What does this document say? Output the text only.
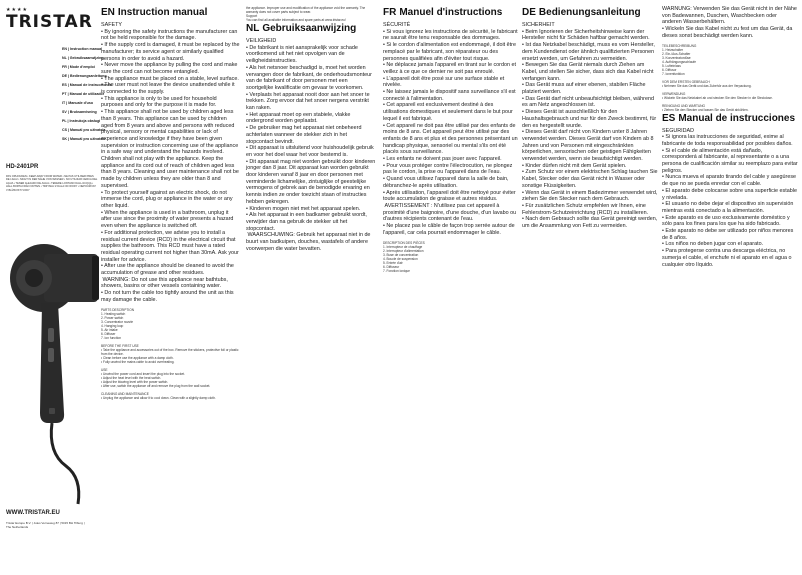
★★★★
TRISTAR
EN | Instruction manual
NL | Gebruiksaanwijzing
FR | Mode d'emploi
DE | Bedienungsanleitung
ES | Manual de instrucciones
PT | Manual de utilizador
IT | Manuale d'uso
SV | Bruksanvisning
PL | Instrukcja obsługi
CS | Manuál pro uživatele
SK | Manuál pro uživatele
HD-2401PR
PAS OPHOUDEN • KEEP AWAY FROM WATER • NE PAS UTILISER PRES DE L'EAU • NICHT IN DER NÄHE VON WASSER • NO UTILIZAR CERCA DEL AGUA • TENER ALEJADO DE AGUA • TENERE LONTANO DALL'ACQUA • HÅLL BORTA FRÅN VATTEN • TRZYMAJ Z DALA OD WODY • NEPOUŽÍVAT V BLÍZKOSTI VODY
WWW.TRISTAR.EU
Tristar Europe B.V. | Jules Verneweg 87 | 5015 BH Tilburg | The Netherlands
EN Instruction manual
SAFETY
• By ignoring the safety instructions the manufacturer can not be held responsible for the damage.
• If the supply cord is damaged, it must be replaced by the manufacturer; its service agent or similarly qualified persons in order to avoid a hazard.
• Never move the appliance by pulling the cord and make sure the cord can not become entangled.
• The appliance must be placed on a stable, level surface.
• The user must not leave the device unattended while it is connected to the supply.
• This appliance is only to be used for household purposes and only for the purpose it is made for.
• This appliance shall not be used by children aged less than 8 years. This appliance can be used by children aged from 8 years and above and persons with reduced physical, sensory or mental capabilities or lack of experience and knowledge if they have been given supervision or instruction concerning use of the appliance in a safe way and understand the hazards involved. Children shall not play with the appliance. Keep the appliance and its cord out of reach of children aged less than 8 years. Cleaning and user maintenance shall not be made by children unless they are older than 8 and supervised.
• To protect yourself against an electric shock, do not immerse the cord, plug or appliance in the water or any other liquid.
• When the appliance is used in a bathroom, unplug it after use since the proximity of water presents a hazard even when the appliance is switched off.
• For additional protection, we advise you to install a residual current device (RCD) in the electrical circuit that supplies the bathroom. This RCD must have a rated residual operating current not higher than 30mA. Ask your installer for advice.
• After use the appliance should be cleaned to avoid the accumulation of grease and other residues.
WARNING: Do not use this appliance near bathtubs, showers, basins or other vessels containing water.
• Do not turn the cable too tightly around the unit as this may damage the cable.
PARTS DESCRIPTION
1. Heating switch
2. Power switch
3. Concentrator nozzle
4. Hanging loop
5. Air intake
6. Diffuser
7. Ion function

BEFORE THE FIRST USE
• Take the appliance and accessories out of the box. Remove the stickers, protective foil or plastic from the device.
• Clean before use the appliance with a damp cloth.
• Fully unwind the mains cable to avoid overheating.

USE
• Unwind the power cord and insert the plug into the socket.
• Adjust the heat level with the heat switch.
• Adjust the blowing level with the power switch.
• After use, switch the appliance off and remove the plug from the wall socket.

CLEANING AND MAINTENANCE
• Unplug the appliance and allow it to cool down. Clean with a slightly damp cloth.
the appliance. Improper use and modification of the appliance void the warranty. The warranty does not cover parts subject to wear.
Support
You can find all available information and spare parts at www.tristar.eu!
NL Gebruiksaanwijzing
VEILIGHEID
• De fabrikant is niet aansprakelijk voor schade voortkomend uit het niet opvolgen van de veiligheidsinstructies.
• Als het netsnoer beschadigd is, moet het worden vervangen door de fabrikant, de onderhoudsmonteur van de fabrikant of door personen met een soortgelijke kwalificatie om gevaar te voorkomen.
• Verplaats het apparaat nooit door aan het snoer te trekken. Zorg ervoor dat het snoer nergens verstrikt kan raken.
• Het apparaat moet op een stabiele, vlakke ondergrond worden geplaatst.
• De gebruiker mag het apparaat niet onbeheerd achterlaten wanneer de stekker zich in het stopcontact bevindt.
• Dit apparaat is uitsluitend voor huishoudelijk gebruik en voor het doel waar het voor bestemd is.
• Dit apparaat mag niet worden gebruikt door kinderen jonger dan 8 jaar. Dit apparaat kan worden gebruikt door kinderen vanaf 8 jaar en door personen met verminderde lichamelijke, zintuiglijke of geestelijke vermogens of gebrek aan de benodigde ervaring en kennis indien ze onder toezicht staan of instructies hebben gekregen.
• Kinderen mogen niet met het apparaat spelen.
• Als het apparaat in een badkamer gebruikt wordt, verwijder dan na gebruik de stekker uit het stopcontact.
WAARSCHUWING: Gebruik het apparaat niet in de buurt van badkuipen, douches, wastafels of andere voorwerpen die water bevatten.
FR Manuel d'instructions
SÉCURITÉ
• Si vous ignorez les instructions de sécurité, le fabricant ne saurait être tenu responsable des dommages.
• Si le cordon d'alimentation est endommagé, il doit être remplacé par le fabricant, son réparateur ou des personnes qualifiées afin d'éviter tout risque.
• Ne déplacez jamais l'appareil en tirant sur le cordon et veillez à ce que ce dernier ne soit pas enroulé.
• L'appareil doit être posé sur une surface stable et nivelée.
• Ne laissez jamais le dispositif sans surveillance s'il est connecté à l'alimentation.
• Cet appareil est exclusivement destiné à des utilisations domestiques et seulement dans le but pour lequel il est fabriqué.
• Cet appareil ne doit pas être utilisé par des enfants de moins de 8 ans. Cet appareil peut être utilisé par des enfants de 8 ans et plus et des personnes présentant un handicap physique, sensoriel ou mental s'ils ont été placés sous surveillance.
• Les enfants ne doivent pas jouer avec l'appareil.
• Pour vous protéger contre l'électrocution, ne plongez pas le cordon, la prise ou l'appareil dans de l'eau.
• Quand vous utilisez l'appareil dans la salle de bain, débranchez-le après utilisation.
• Après utilisation, l'appareil doit être nettoyé pour éviter toute accumulation de graisse et autres résidus.
AVERTISSEMENT : N'utilisez pas cet appareil à proximité d'une baignoire, d'une douche, d'un lavabo ou d'autres récipients contenant de l'eau.
• Ne placez pas le câble de façon trop serrée autour de l'appareil, car cela pourrait endommager le câble.
DESCRIPTION DES PIÈCES
1. Interrupteur de chauffage
2. Interrupteur d'alimentation
3. Buse de concentration
4. Boucle de suspension
5. Entrée d'air
6. Diffuseur
7. Fonction ionique
DE Bedienungsanleitung
SICHERHEIT
• Beim Ignorieren der Sicherheitshinweise kann der Hersteller nicht für Schäden haftbar gemacht werden.
• Ist das Netzkabel beschädigt, muss es vom Hersteller, dem Kundendienst oder ähnlich qualifizierten Personen ersetzt werden, um Gefahren zu vermeiden.
• Bewegen Sie das Gerät niemals durch Ziehen am Kabel, und stellen Sie sicher, dass sich das Kabel nicht verfangen kann.
• Das Gerät muss auf einer ebenen, stabilen Fläche platziert werden.
• Das Gerät darf nicht unbeaufsichtigt bleiben, während es am Netz angeschlossen ist.
• Dieses Gerät ist ausschließlich für den Haushaltsgebrauch und nur für den Zweck bestimmt, für den es hergestellt wurde.
• Dieses Gerät darf nicht von Kindern unter 8 Jahren verwendet werden. Dieses Gerät darf von Kindern ab 8 Jahren und von Personen mit eingeschränkten körperlichen, sensorischen oder geistigen Fähigkeiten verwendet werden, wenn sie beaufsichtigt werden.
• Kinder dürfen nicht mit dem Gerät spielen.
• Zum Schutz vor einem elektrischen Schlag tauchen Sie Kabel, Stecker oder das Gerät nicht in Wasser oder sonstige Flüssigkeiten.
• Wenn das Gerät in einem Badezimmer verwendet wird, ziehen Sie den Stecker nach dem Gebrauch.
• Für zusätzlichen Schutz empfehlen wir Ihnen, eine Fehlerstrom-Schutzeinrichtung (RCD) zu installieren.
• Nach dem Gebrauch sollte das Gerät gereinigt werden, um die Ansammlung von Fett zu vermeiden.
WARNUNG: Verwenden Sie das Gerät nicht in der Nähe von Badewannen, Duschen, Waschbecken oder anderen Wasserbehältern.
• Wickeln Sie das Kabel nicht zu fest um das Gerät, da dieses sonst beschädigt werden kann.
TEILEBESCHREIBUNG
1. Heizschalter
2. Ein-/Aus-Schalter
3. Konzentratordüse
4. Aufhängungsschlaufe
5. Lufteinlass
6. Diffusor
7. Ionenfunktion

VOR DEM ERSTEN GEBRAUCH
• Nehmen Sie das Gerät und das Zubehör aus der Verpackung.

VERWENDUNG
• Wickeln Sie das Netzkabel ab und stecken Sie den Stecker in die Steckdose.

REINIGUNG UND WARTUNG
• Ziehen Sie den Stecker und lassen Sie das Gerät abkühlen.
ES Manual de instrucciones
SEGURIDAD
• Si ignora las instrucciones de seguridad, exime al fabricante de toda responsabilidad por posibles daños.
• Si el cable de alimentación está dañado, corresponderá al fabricante, al representante o a una persona de cualificación similar su reemplazo para evitar peligros.
• Nunca mueva el aparato tirando del cable y asegúrese de que no se pueda enredar con el cable.
• El aparato debe colocarse sobre una superficie estable y nivelada.
• El usuario no debe dejar el dispositivo sin supervisión mientras está conectado a la alimentación.
• Este aparato es de uso exclusivamente doméstico y sólo para los fines para los que ha sido fabricado.
• Este aparato no debe ser utilizado por niños menores de 8 años.
• Los niños no deben jugar con el aparato.
• Para protegerse contra una descarga eléctrica, no sumerja el cable, el enchufe ni el aparato en el agua o cualquier otro líquido.
